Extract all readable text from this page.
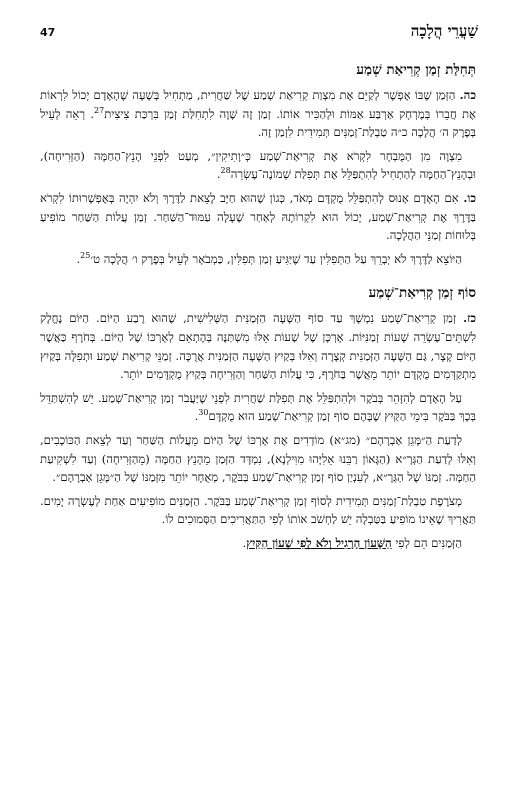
47	שַׁעֲרֵי הֲלָכָה
תְּחִלַּת זְמַן קְרִיאַת שְׁמַע

כה. הַזְּמַן שֶׁבּוֹ אֶפְשָׁר לְקַיֵּם אֶת מִצְוַת קְרִיאַת שְׁמַע שֶׁל שַׁחֲרִית, מַתְחִיל בְּשָׁעָה שֶׁהָאָדָם יָכוֹל לִרְאוֹת אֶת חֲבֵרוֹ בְּמֶרְחָק אַרְבַּע אַמּוֹת וּלְהַכִּיר אוֹתוֹ. זְמַן זֶה שָׁוֶה לִתְחִלַּת זְמַן בִּרְכַּת צִיצִית$^{27}$. רְאֵה לְעֵיל בְּפֶרֶק ה׳ הֲלָכָה כ״ה טַבְלַת־זְמַנִּים תְּמִידִית לִזְמַן זֶה.

מִצְוָה מִן הַמֻּבְחָר לִקְרֹא אֶת קְרִיאַת־שְׁמַע כְּ״וָתִיקִין״, מְעַט לִפְנֵי הָנֵץ־הַחַמָּה (הַזְּרִיחָה), וּבְהָנֵץ־הַחַמָּה לְהַתְחִיל לְהִתְפַּלֵּל אֶת תְּפִלַּת שְׁמוֹנֶה־עֶשְׂרֵה$^{28}$.

כו. אִם הָאָדָם אָנוּס לְהִתְפַּלֵּל מֻקְדָּם מְאֹד, כְּגוֹן שֶׁהוּא חַיָּב לָצֵאת לַדֶּרֶךְ וְלֹא יִהְיֶה בְּאֶפְשָׁרוּתוֹ לִקְרֹא בַּדֶּרֶךְ אֶת קְרִיאַת־שְׁמַע, יָכוֹל הוּא לִקְרוֹתָהּ לְאַחַר שֶׁעָלָה עַמּוּד־הַשַּׁחַר. זְמַן עֲלוֹת הַשַּׁחַר מוֹפִיעַ בְּלוּחוֹת זְמַנֵּי הַהֲלָכָה.

הַיּוֹצֵא לַדֶּרֶךְ לֹא יְבָרֵךְ עַל הַתְּפִלִּין עַד שֶׁיַּגִּיעַ זְמַן תְּפִלִּין, כַּמְבֹאָר לְעֵיל בְּפֶרֶק ו׳ הֲלָכָה ט׳$^{25}$.

סוֹף זְמַן קְרִיאַת־שְׁמַע

כז. זְמַן קְרִיאַת־שְׁמַע נִמְשָׁךְ עַד סוֹף הַשָּׁעָה הַזְּמַנִּית הַשְּׁלִישִׁית, שֶׁהוּא רֶבַע הַיּוֹם. הַיּוֹם נֶחֱלָק לִשְׁתֵּים־עֶשְׂרֵה שָׁעוֹת זְמַנִּיּוֹת. אָרְכָּן שֶׁל שָׁעוֹת אֵלּוּ מִשְׁתַּנֶּה בְּהֶתְאֵם לְאָרְכּוֹ שֶׁל הַיּוֹם. בְּחֹרֶף כַּאֲשֶׁר הַיּוֹם קָצָר, גַּם הַשָּׁעָה הַזְּמַנִּית קְצָרָה וְאִלּוּ בְּקַיִץ הַשָּׁעָה הַזְּמַנִּית אֲרֻכָּה. זְמַנֵּי קְרִיאַת שְׁמַע וּתְפִלָּה בְּקַיִץ מִתְקַדְּמִים מֻקְדָּם יוֹתֵר מֵאֲשֶׁר בַּחֹרֶף, כִּי עֲלוֹת הַשַּׁחַר וְהַזְּרִיחָה בְּקַיִץ מֻקְדָּמִים יוֹתֵר.

עַל הָאָדָם לְהִזָּהֵר בְּבֹקֶר וּלְהִתְפַּלֵּל אֶת תְּפִלַּת שַׁחֲרִית לִפְנֵי שֶׁיַּעֲבֹר זְמַן קְרִיאַת־שְׁמַע. יֵשׁ לְהִשְׁתַּדֵּל בְּכָךְ בַּבֹּקֶר בִּימֵי הַקַּיִץ שֶׁבָּהֶם סוֹף זְמַן קְרִיאַת־שְׁמַע הוּא מֻקְדָּם$^{30}$.

לְדַעַת הַ״מָּגֵן אַבְרָהָם״ (מג״א) מוֹדְדִים אֶת אָרְכּוֹ שֶׁל הַיּוֹם מֵעֲלוֹת הַשַּׁחַר וְעַד לְצֵאת הַכּוֹכָבִים, וְאִלּוּ לְדַעַת הַגְּרָ״א (הַגָּאוֹן רַבֵּנוּ אֵלִיָּהוּ מִוִּילְנָא), נִמְדָּד הַזְּמַן מֵהָנֵץ הַחַמָּה (מֵהַזְּרִיחָה) וְעַד לִשְׁקִיעַת הַחַמָּה. זְמַנּוֹ שֶׁל הַגְּרָ״א, לְעִנְיַן סוֹף זְמַן קְרִיאַת־שְׁמַע בַּבֹּקֶר, מְאֻחָר יוֹתֵר מִזְּמַנּוֹ שֶׁל הַ״מָּגֵן אַבְרָהָם״.

מְצֹרֶפֶת טַבְלַת־זְמַנִּים תְּמִידִית לְסוֹף זְמַן קְרִיאַת־שְׁמַע בַּבֹּקֶר. הַזְּמַנִּים מוֹפִיעִים אַחַת לְעֶשְׂרָה יָמִים. תַּאֲרִיךְ שֶׁאֵינוֹ מוֹפִיעַ בַּטַּבְלָה יֵשׁ לַחְשֹׁב אוֹתוֹ לְפִי הַתַּאֲרִיכִים הַסְּמוּכִים לוֹ.

הַזְּמַנִּים הֵם לְפִי הַשָּׁעוֹן הָרָגִיל וְלֹא לְפִי שְׁעוֹן הַקַּיִץ.
